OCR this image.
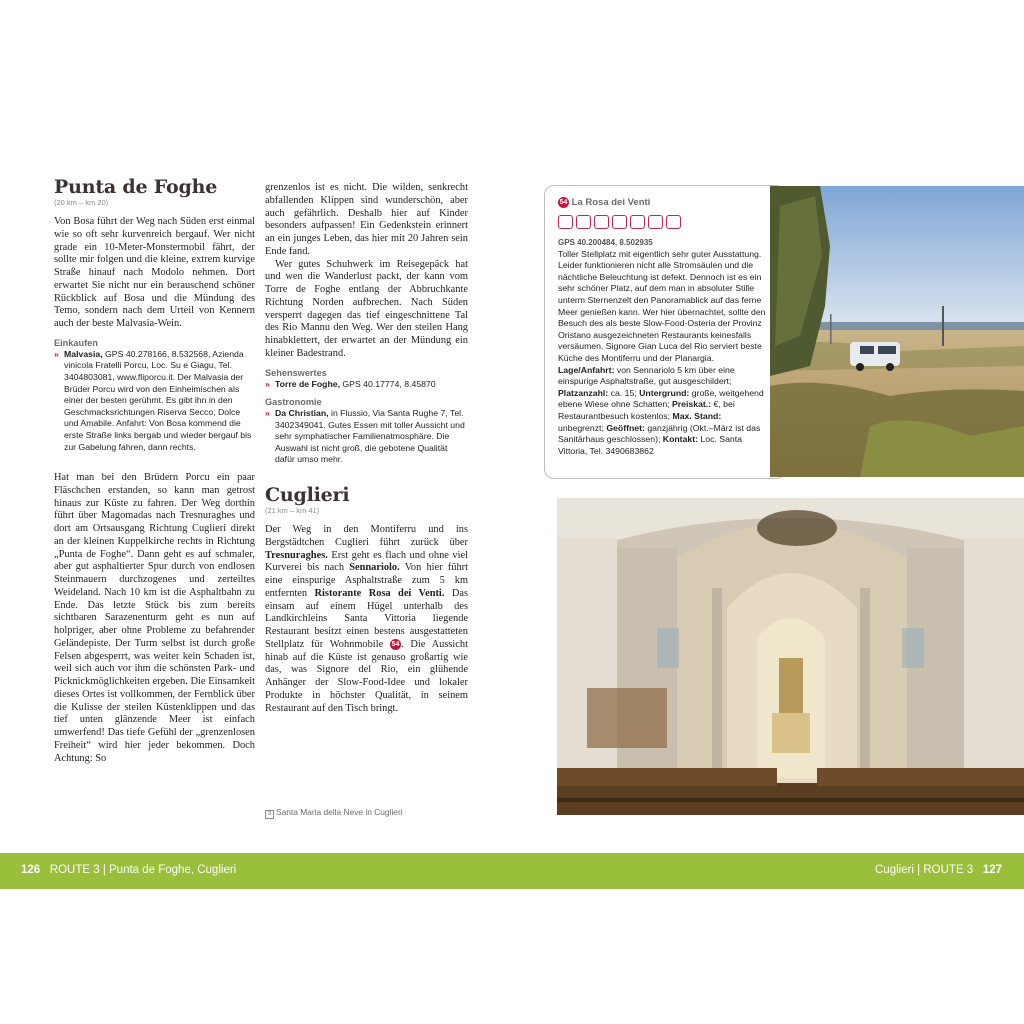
Punta de Foghe
(20 km – km 20)

Von Bosa führt der Weg nach Süden erst einmal wie so oft sehr kurvenreich bergauf. Wer nicht grade ein 10-Meter-Monstermobil fährt, der sollte mir folgen und die kleine, extrem kurvige Straße hinauf nach Modolo nehmen. Dort erwartet Sie nicht nur ein berauschend schöner Rückblick auf Bosa und die Mündung des Temo, sondern nach dem Urteil von Kennern auch der beste Malvasia-Wein.

Einkaufen
» Malvasia, GPS 40.278166, 8.532568, Azienda vinicola Fratelli Porcu, Loc. Su e Giagu, Tel. 3404803081, www.fliporcu.it. Der Malvasia der Brüder Porcu wird von den Einheimischen als einer der besten gerühmt. Es gibt ihn in den Geschmacksrichtungen Riserva Secco, Dolce und Amabile. Anfahrt: Von Bosa kommend die erste Straße links bergab und wieder bergauf bis zur Gabelung fahren, dann rechts.

Hat man bei den Brüdern Porcu ein paar Fläschchen erstanden, so kann man getrost hinaus zur Küste zu fahren. Der Weg dorthin führt über Magomadas nach Tresnuraghes und dort am Ortsausgang Richtung Cuglieri direkt an der kleinen Kuppelkirche rechts in Richtung „Punta de Foghe“. Dann geht es auf schmaler, aber gut asphaltierter Spur durch von endlosen Steinmauern durchzogenes und zerteiltes Weideland. Nach 10 km ist die Asphaltbahn zu Ende. Das letzte Stück bis zum bereits sichtbaren Sarazenenturm geht es nun auf holpriger, aber ohne Probleme zu befahrender Geländepiste. Der Turm selbst ist durch große Felsen abgesperrt, was weiter kein Schaden ist, weil sich auch vor ihm die schönsten Park- und Picknickmöglichkeiten ergeben. Die Einsamkeit dieses Ortes ist vollkommen, der Fernblick über die Kulisse der steilen Küstenklippen und das tief unten glänzende Meer ist einfach umwerfend! Das tiefe Gefühl der „grenzenlosen Freiheit“ wird hier jeder bekommen. Doch Achtung: So

grenzenlos ist es nicht. Die wilden, senkrecht abfallenden Klippen sind wunderschön, aber auch gefährlich. Deshalb hier auf Kinder besonders aufpassen! Ein Gedenkstein erinnert an ein junges Leben, das hier mit 20 Jahren sein Ende fand.

Wer gutes Schuhwerk im Reisegepäck hat und wen die Wanderlust packt, der kann vom Torre de Foghe entlang der Abbruchkante Richtung Norden aufbrechen. Nach Süden versperrt dagegen das tief eingeschnittene Tal des Rio Mannu den Weg. Wer den steilen Hang hinabklettert, der erwartet an der Mündung ein kleiner Badestrand.

Sehenswertes
» Torre de Foghe, GPS 40.17774, 8.45870
Gastronomie
» Da Christian, in Flussio, Via Santa Rughe 7, Tel. 3402349041. Gutes Essen mit toller Aussicht und sehr symphatischer Familienatmosphäre. Die Auswahl ist nicht groß, die gebotene Qualität dafür umso mehr.
Cuglieri
(21 km – km 41)

Der Weg in den Montiferru und ins Bergstädtchen Cuglieri führt zurück über Tresnuraghes. Erst geht es flach und ohne viel Kurverei bis nach Sennariolo. Von hier führt eine einspurige Asphaltstraße zum 5 km entfernten Ristorante Rosa dei Venti. Das einsam auf einem Hügel unterhalb des Landkirchleins Santa Vittoria liegende Restaurant besitzt einen bestens ausgestatteten Stellplatz für Wohnmobile 54 . Die Aussicht hinab auf die Küste ist genauso großartig wie das, was Signore del Rio, ein glühende Anhänger der Slow-Food-Idee und lokaler Produkte in höchster Qualität, in seinem Restaurant auf den Tisch bringt.

3 Santa Maria della Neve in Cuglieri
54 La Rosa dei Venti
GPS 40.200484, 8.502935
Toller Stellplatz mit eigentlich sehr guter Ausstattung. Leider funktionieren nicht alle Stromsäulen und die nächtliche Beleuchtung ist defekt. Dennoch ist es ein sehr schöner Platz, auf dem man in absoluter Stille unterm Sternenzelt den Panoramablick auf das ferne Meer genießen kann. Wer hier übernachtet, sollte den Besuch des als beste Slow-Food-Osteria der Provinz Oristano ausgezeichneten Restaurants keinesfalls versäumen. Signore Gian Luca del Rio serviert beste Küche des Montiferru und der Planargia. Lage/Anfahrt: von Sennariolo 5 km über eine einspurige Asphaltstraße, gut ausgeschildert; Platzanzahl: ca. 15; Untergrund: große, weitgehend ebene Wiese ohne Schatten; Preiskat.: €, bei Restaurantbesuch kostenlos; Max. Stand: unbegrenzt; Geöffnet: ganzjährig (Okt.–März ist das Sanitärhaus geschlossen); Kontakt: Loc. Santa Vittoria, Tel. 3490683862
126 ROUTE 3 | Punta de Foghe, Cuglieri	Cuglieri | ROUTE 3 127
